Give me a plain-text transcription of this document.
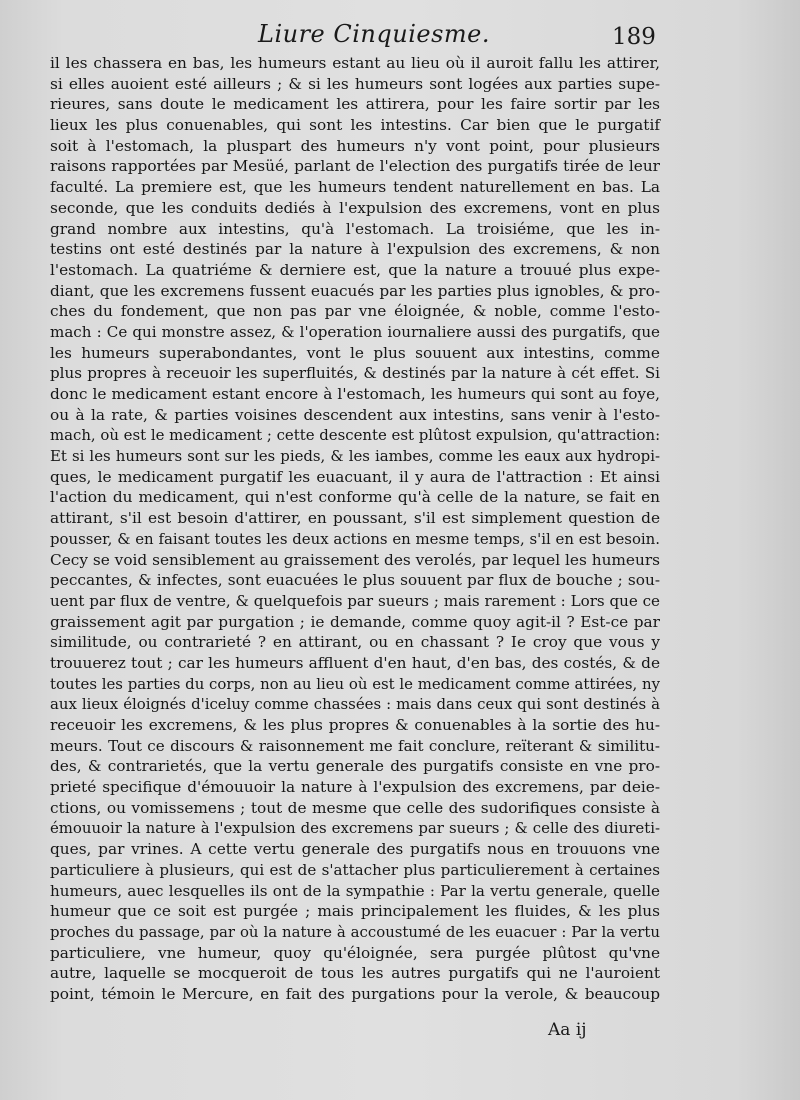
Liure Cinquiesme.	189
il les chassera en bas, les humeurs estant au lieu où il auroit fallu les attirer,
si elles auoient esté ailleurs ; & si les humeurs sont logées aux parties supe-
rieures, sans doute le medicament les attirera, pour les faire sortir par les
lieux les plus conuenables, qui sont les intestins. Car bien que le purgatif
soit à l'estomach, la pluspart des humeurs n'y vont point, pour plusieurs
raisons rapportées par Mesüé, parlant de l'election des purgatifs tirée de leur
faculté. La premiere est, que les humeurs tendent naturellement en bas. La
seconde, que les conduits dediés à l'expulsion des excremens, vont en plus
grand nombre aux intestins, qu'à l'estomach. La troisiéme, que les in-
testins ont esté destinés par la nature à l'expulsion des excremens, & non
l'estomach. La quatriéme & derniere est, que la nature a trouué plus expe-
diant, que les excremens fussent euacués par les parties plus ignobles, & pro-
ches du fondement, que non pas par vne éloignée, & noble, comme l'esto-
mach : Ce qui monstre assez, & l'operation iournaliere aussi des purgatifs, que
les humeurs superabondantes, vont le plus souuent aux intestins, comme
plus propres à receuoir les superfluités, & destinés par la nature à cét effet. Si
donc le medicament estant encore à l'estomach, les humeurs qui sont au foye,
ou à la rate, & parties voisines descendent aux intestins, sans venir à l'esto-
mach, où est le medicament ; cette descente est plûtost expulsion, qu'attraction:
Et si les humeurs sont sur les pieds, & les iambes, comme les eaux aux hydropi-
ques, le medicament purgatif les euacuant, il y aura de l'attraction : Et ainsi
l'action du medicament, qui n'est conforme qu'à celle de la nature, se fait en
attirant, s'il est besoin d'attirer, en poussant, s'il est simplement question de
pousser, & en faisant toutes les deux actions en mesme temps, s'il en est besoin.
Cecy se void sensiblement au graissement des verolés, par lequel les humeurs
peccantes, & infectes, sont euacuées le plus souuent par flux de bouche ; sou-
uent par flux de ventre, & quelquefois par sueurs ; mais rarement : Lors que ce
graissement agit par purgation ; ie demande, comme quoy agit-il ? Est-ce par
similitude, ou contrarieté ? en attirant, ou en chassant ? Ie croy que vous y
trouuerez tout ; car les humeurs affluent d'en haut, d'en bas, des costés, & de
toutes les parties du corps, non au lieu où est le medicament comme attirées, ny
aux lieux éloignés d'iceluy comme chassées : mais dans ceux qui sont destinés à
receuoir les excremens, & les plus propres & conuenables à la sortie des hu-
meurs. Tout ce discours & raisonnement me fait conclure, reïterant & similitu-
des, & contrarietés, que la vertu generale des purgatifs consiste en vne pro-
prieté specifique d'émouuoir la nature à l'expulsion des excremens, par deie-
ctions, ou vomissemens ; tout de mesme que celle des sudorifiques consiste à
émouuoir la nature à l'expulsion des excremens par sueurs ; & celle des diureti-
ques, par vrines. A cette vertu generale des purgatifs nous en trouuons vne
particuliere à plusieurs, qui est de s'attacher plus particulierement à certaines
humeurs, auec lesquelles ils ont de la sympathie : Par la vertu generale, quelle
humeur que ce soit est purgée ; mais principalement les fluides, & les plus
proches du passage, par où la nature à accoustumé de les euacuer : Par la vertu
particuliere, vne humeur, quoy qu'éloignée, sera purgée plûtost qu'vne
autre, laquelle se mocqueroit de tous les autres purgatifs qui ne l'auroient
point, témoin le Mercure, en fait des purgations pour la verole, & beaucoup
Aa ij
